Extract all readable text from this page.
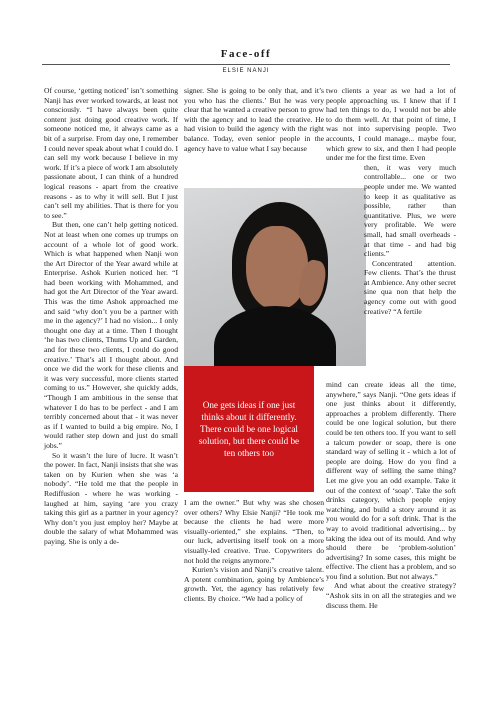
Face-off
ELSIE NANJI

Of course, ‘getting noticed’ isn’t something Nanji has ever worked towards, at least not consciously. “I have always been quite content just doing good creative work. If someone noticed me, it always came as a bit of a surprise. From day one, I remember I could never speak about what I could do. I can sell my work because I believe in my work. If it’s a piece of work I am absolutely passionate about, I can think of a hundred logical reasons - apart from the creative reasons - as to why it will sell. But I just can’t sell my abilities. That is there for you to see.”

But then, one can’t help getting noticed. Not at least when one comes up trumps on account of a whole lot of good work. Which is what happened when Nanji won the Art Director of the Year award while at Enterprise. Ashok Kurien noticed her. “I had been working with Mohammed, and had got the Art Director of the Year award. This was the time Ashok approached me and said ‘why don’t you be a partner with me in the agency?’ I had no vision... I only thought one day at a time. Then I thought ‘he has two clients, Thums Up and Garden, and for these two clients, I could do good creative.’ That’s all I thought about. And once we did the work for these clients and it was very successful, more clients started coming to us.” However, she quickly adds, “Though I am ambitious in the sense that whatever I do has to be perfect - and I am terribly concerned about that - it was never as if I wanted to build a big empire. No, I would rather step down and just do small jobs.”

So it wasn’t the lure of lucre. It wasn’t the power. In fact, Nanji insists that she was taken on by Kurien when she was ‘a nobody’. “He told me that the people in Rediffusion - where he was working - laughed at him, saying ‘are you crazy taking this girl as a partner in your agency? Why don’t you just employ her? Maybe at double the salary of what Mohammed was paying. She is only a de-

signer. She is going to be only that, and it’s you who has the clients.’ But he was very clear that he wanted a creative person to grow with the agency and to lead the creative. He had vision to build the agency with the right balance. Today, even senior people in the agency have to value what I say because

One gets ideas if one just thinks about it differently. There could be one logical solution, but there could be ten others too

I am the owner.” But why was she chosen over others? Why Elsie Nanji? “He took me because the clients he had were more visually-oriented,” she explains. “Then, to our luck, advertising itself took on a more visually-led creative. True. Copywriters do not hold the reigns anymore.”

Kurien’s vision and Nanji’s creative talent. A potent combination, going by Ambience’s growth. Yet, the agency has relatively few clients. By choice. “We had a policy of

two clients a year as we had a lot of people approaching us. I knew that if I had ten things to do, I would not be able to do them well. At that point of time, I was not into supervising people. Two accounts, I could manage... maybe four, which grew to six, and then I had people under me for the first time. Even

then, it was very much controllable... one or two people under me. We wanted to keep it as qualitative as possible, rather than quantitative. Plus, we were very profitable. We were small, had small overheads - at that time - and had big clients.”

Concentrated attention. Few clients. That’s the thrust at Ambience. Any other secret sine qua non that help the agency come out with good creative? “A fertile

mind can create ideas all the time, anywhere,” says Nanji. “One gets ideas if one just thinks about it differently, approaches a problem differently. There could be one logical solution, but there could be ten others too. If you want to sell a talcum powder or soap, there is one standard way of selling it - which a lot of people are doing. How do you find a different way of selling the same thing? Let me give you an odd example. Take it out of the context of ‘soap’. Take the soft drinks category, which people enjoy watching, and build a story around it as you would do for a soft drink. That is the way to avoid traditional advertising... by taking the idea out of its mould. And why should there be ‘problem-solution’ advertising? In some cases, this might be effective. The client has a problem, and so you find a solution. But not always.”

And what about the creative strategy? “Ashok sits in on all the strategies and we discuss them. He
